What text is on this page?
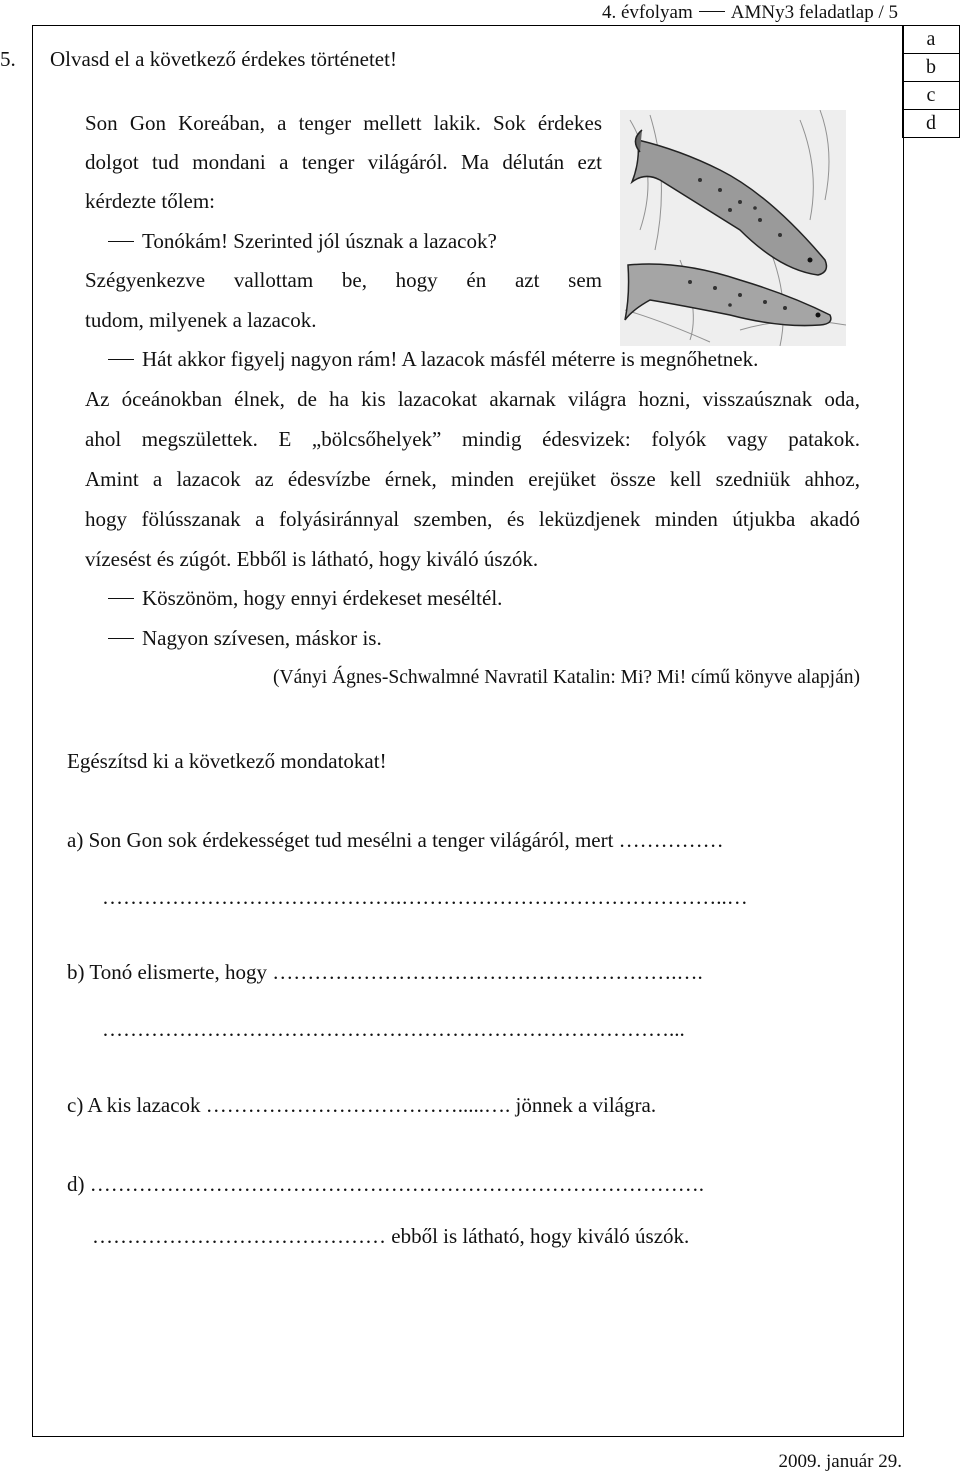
4. évfolyam AMNy3 feladatlap / 5
a
b
c
d
5. Olvasd el a következő érdekes történetet!
Son Gon Koreában, a tenger mellett lakik. Sok érdekes
dolgot tud mondani a tenger világáról. Ma délután ezt
kérdezte tőlem:
Tonókám! Szerinted jól úsznak a lazacok?
Szégyenkezve vallottam be, hogy én azt sem
tudom, milyenek a lazacok.
Hát akkor figyelj nagyon rám! A lazacok másfél méterre is megnőhetnek.
Az óceánokban élnek, de ha kis lazacokat akarnak világra hozni, visszaúsznak oda,
ahol megszülettek. E „bölcsőhelyek” mindig édesvizek: folyók vagy patakok.
Amint a lazacok az édesvízbe érnek, minden erejüket össze kell szedniük ahhoz,
hogy fölússzanak a folyásiránnyal szemben, és leküzdjenek minden útjukba akadó
vízesést és zúgót. Ebből is látható, hogy kiváló úszók.
Köszönöm, hogy ennyi érdekeset meséltél.
Nagyon szívesen, máskor is.
(Ványi Ágnes-Schwalmné Navratil Katalin: Mi? Mi! című könyve alapján)
Egészítsd ki a következő mondatokat!
a) Son Gon sok érdekességet tud mesélni a tenger világáról, mert ……………
…………………………………….………………………………………..…
b) Tonó elismerte, hogy ………………………………………………….….
………………………………………………………………………...
c) A kis lazacok ……………………………….....…. jönnek a világra.
d) …………………………………………………………………………….
…………………………………… ebből is látható, hogy kiváló úszók.
2009. január 29.
